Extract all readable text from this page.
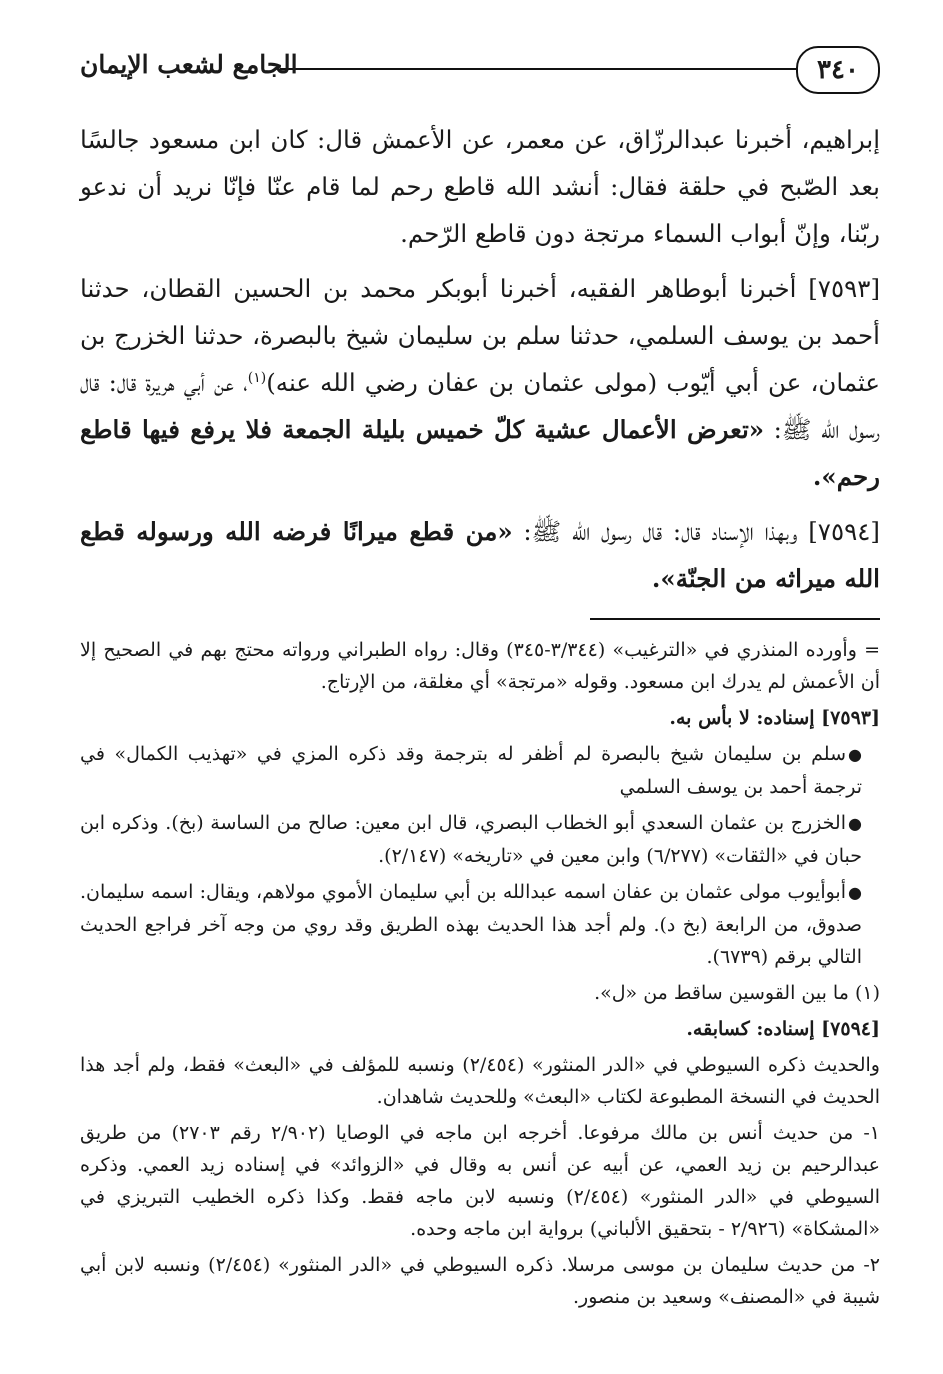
٣٤٠
الجامع لشعب الإيمان

إبراهيم، أخبرنا عبدالرزّاق، عن معمر، عن الأعمش قال: كان ابن مسعود جالسًا بعد الصّبح في حلقة فقال: أنشد الله قاطع رحم لما قام عنّا فإنّا نريد أن ندعو ربّنا، وإنّ أبواب السماء مرتجة دون قاطع الرّحم.

[٧٥٩٣] أخبرنا أبوطاهر الفقيه، أخبرنا أبوبكر محمد بن الحسين القطان، حدثنا أحمد بن يوسف السلمي، حدثنا سلم بن سليمان شيخ بالبصرة، حدثنا الخزرج بن عثمان، عن أبي أيّوب (مولى عثمان بن عفان رضي الله عنه)$^{(١)}$، عن أبي هريرة قال: قال رسول الله ﷺ: «تعرض الأعمال عشية كلّ خميس بليلة الجمعة فلا يرفع فيها قاطع رحم».

[٧٥٩٤] وبهذا الإسناد قال: قال رسول الله ﷺ: «من قطع ميرانًا فرضه الله ورسوله قطع الله ميراثه من الجنّة».

= وأورده المنذري في «الترغيب» (٣/٣٤٤-٣٤٥) وقال: رواه الطبراني ورواته محتج بهم في الصحيح إلا أن الأعمش لم يدرك ابن مسعود. وقوله «مرتجة» أي مغلقة، من الإرتاج.

[٧٥٩٣] إسناده: لا بأس به.

●سلم بن سليمان شيخ بالبصرة لم أظفر له بترجمة وقد ذكره المزي في «تهذيب الكمال» في ترجمة أحمد بن يوسف السلمي

●الخزرج بن عثمان السعدي أبو الخطاب البصري، قال ابن معين: صالح من الساسة (بخ). وذكره ابن حبان في «الثقات» (٦/٢٧٧) وابن معين في «تاريخه» (٢/١٤٧).

●أبوأيوب مولى عثمان بن عفان اسمه عبدالله بن أبي سليمان الأموي مولاهم، ويقال: اسمه سليمان. صدوق، من الرابعة (بخ د). ولم أجد هذا الحديث بهذه الطريق وقد روي من وجه آخر فراجع الحديث التالي برقم (٦٧٣٩).

(١) ما بين القوسين ساقط من «ل».

[٧٥٩٤] إسناده: كسابقه.

والحديث ذكره السيوطي في «الدر المنثور» (٢/٤٥٤) ونسبه للمؤلف في «البعث» فقط، ولم أجد هذا الحديث في النسخة المطبوعة لكتاب «البعث» وللحديث شاهدان.

١- من حديث أنس بن مالك مرفوعا. أخرجه ابن ماجه في الوصايا (٢/٩٠٢ رقم ٢٧٠٣) من طريق عبدالرحيم بن زيد العمي، عن أبيه عن أنس به وقال في «الزوائد» في إسناده زيد العمي. وذكره السيوطي في «الدر المنثور» (٢/٤٥٤) ونسبه لابن ماجه فقط. وكذا ذكره الخطيب التبريزي في «المشكاة» (٢/٩٢٦ - بتحقيق الألباني) برواية ابن ماجه وحده.

٢- من حديث سليمان بن موسى مرسلا. ذكره السيوطي في «الدر المنثور» (٢/٤٥٤) ونسبه لابن أبي شيبة في «المصنف» وسعيد بن منصور.
